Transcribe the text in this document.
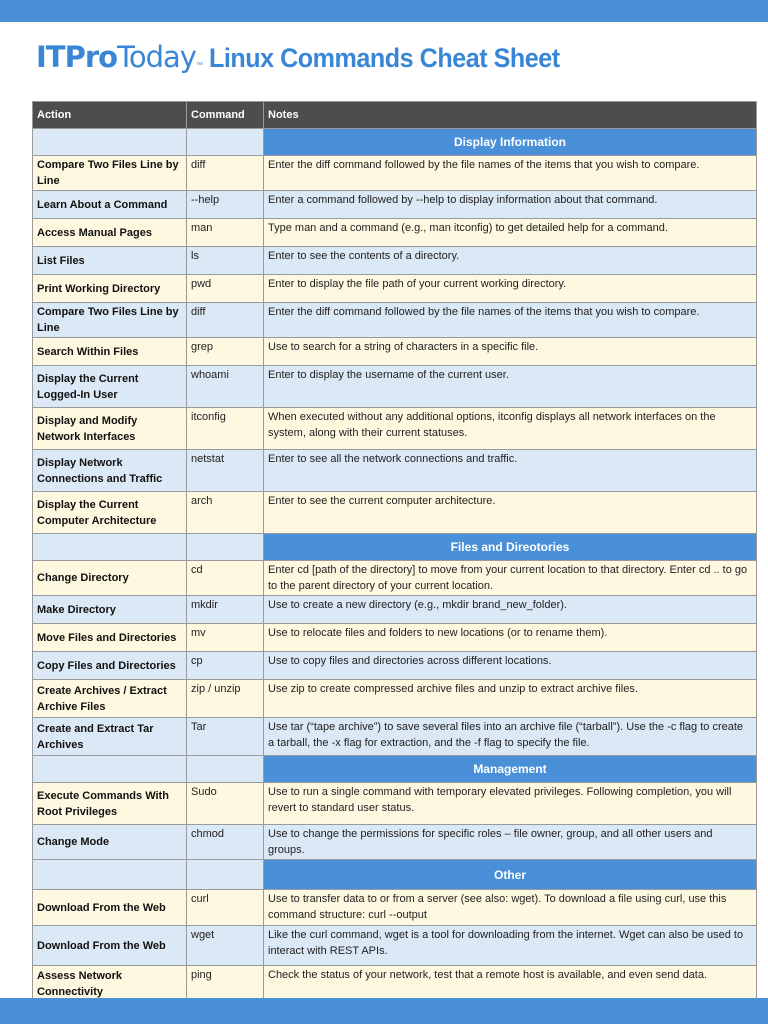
ITProToday ™ Linux Commands Cheat Sheet
Action	Command	Notes
		Display Information
Compare Two Files Line by Line	diff	Enter the diff command followed by the file names of the items that you wish to compare.
Learn About a Command	--help	Enter a command followed by --help to display information about that command.
Access Manual Pages	man	Type man and a command (e.g., man itconfig) to get detailed help for a command.
List Files	ls	Enter to see the contents of a directory.
Print Working Directory	pwd	Enter to display the file path of your current working directory.
Compare Two Files Line by Line	diff	Enter the diff command followed by the file names of the items that you wish to compare.
Search Within Files	grep	Use to search for a string of characters in a specific file.
Display the Current Logged-In User	whoami	Enter to display the username of the current user.
Display and Modify Network Interfaces	itconfig	When executed without any additional options, itconfig displays all network interfaces on the system, along with their current statuses.
Display Network Connections and Traffic	netstat	Enter to see all the network connections and traffic.
Display the Current Computer Architecture	arch	Enter to see the current computer architecture.
		Files and Direotories
Change Directory	cd	Enter cd [path of the directory] to move from your current location to that directory. Enter cd .. to go to the parent directory of your current location.
Make Directory	mkdir	Use to create a new directory (e.g., mkdir brand_new_folder).
Move Files and Directories	mv	Use to relocate files and folders to new locations (or to rename them).
Copy Files and Directories	cp	Use to copy files and directories across different locations.
Create Archives / Extract Archive Files	zip / unzip	Use zip to create compressed archive files and unzip to extract archive files.
Create and Extract Tar Archives	Tar	Use tar (“tape archive”) to save several files into an archive file (“tarball”). Use the -c flag to create a tarball, the -x flag for extraction, and the -f flag to specify the file.
		Management
Execute Commands With Root Privileges	Sudo	Use to run a single command with temporary elevated privileges. Following completion, you will revert to standard user status.
Change Mode	chmod	Use to change the permissions for specific roles – file owner, group, and all other users and groups.
		Other
Download From the Web	curl	Use to transfer data to or from a server (see also: wget). To download a file using curl, use this command structure: curl --output
Download From the Web	wget	Like the curl command, wget is a tool for downloading from the internet. Wget can also be used to interact with REST APIs.
Assess Network Connectivity	ping	Check the status of your network, test that a remote host is available, and even send data.
